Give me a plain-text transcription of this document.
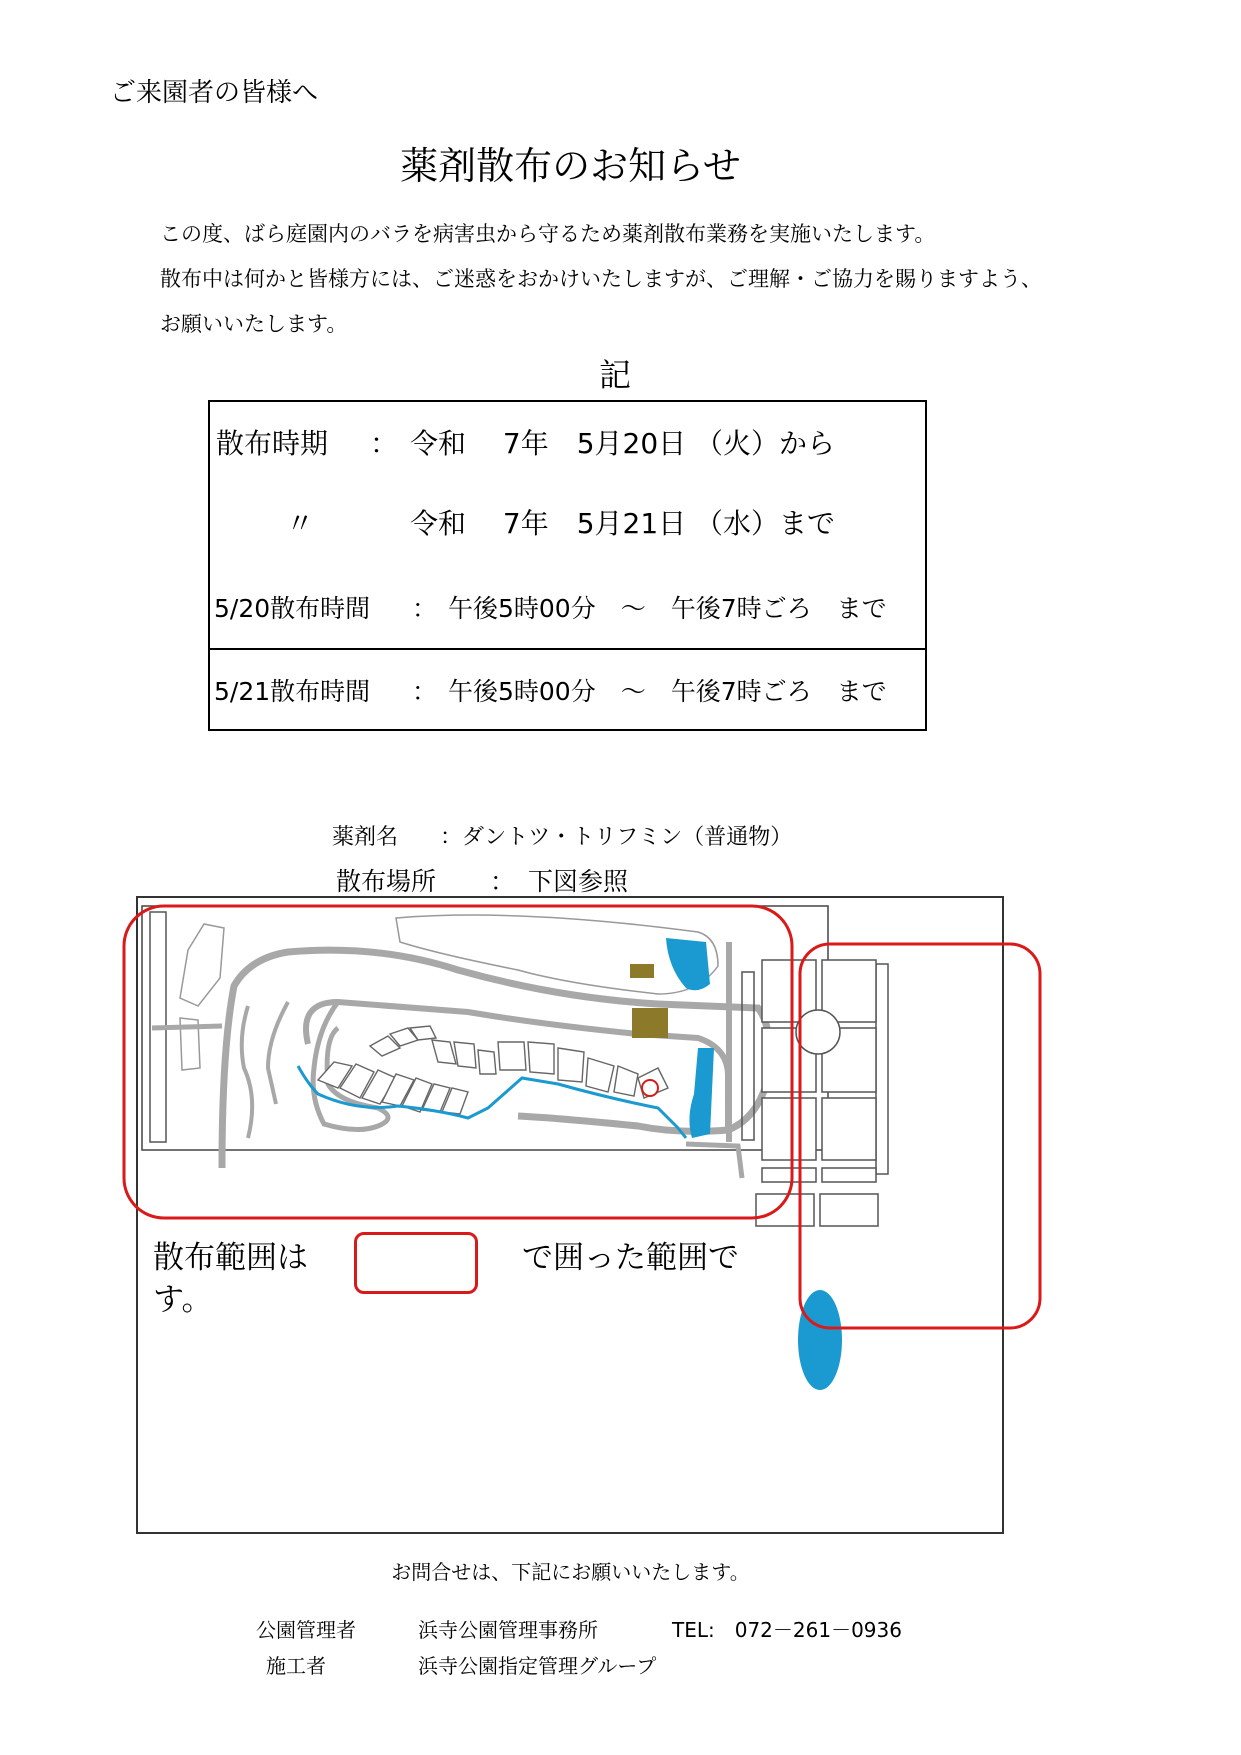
ご来園者の皆様へ
薬剤散布のお知らせ
この度、ばら庭園内のバラを病害虫から守るため薬剤散布業務を実施いたします。
散布中は何かと皆様方には、ご迷惑をおかけいたしますが、ご理解・ご協力を賜りますよう、
お願いいたします。
記
散布時期 ： 令和　 7年　5月20日 （火）から
〃	令和　 7年　5月21日 （水）まで
5/20散布時間 ： 午後5時00分　～　午後7時ごろ　まで
5/21散布時間 ： 午後5時00分　～　午後7時ごろ　まで
薬剤名 ：ダントツ・トリフミン（普通物）
散布場所 ： 下図参照
散布範囲は	で囲った範囲で
す。
お問合せは、下記にお願いいたします。
公園管理者	浜寺公園管理事務所	TEL:　072－261－0936
施工者	浜寺公園指定管理グループ
